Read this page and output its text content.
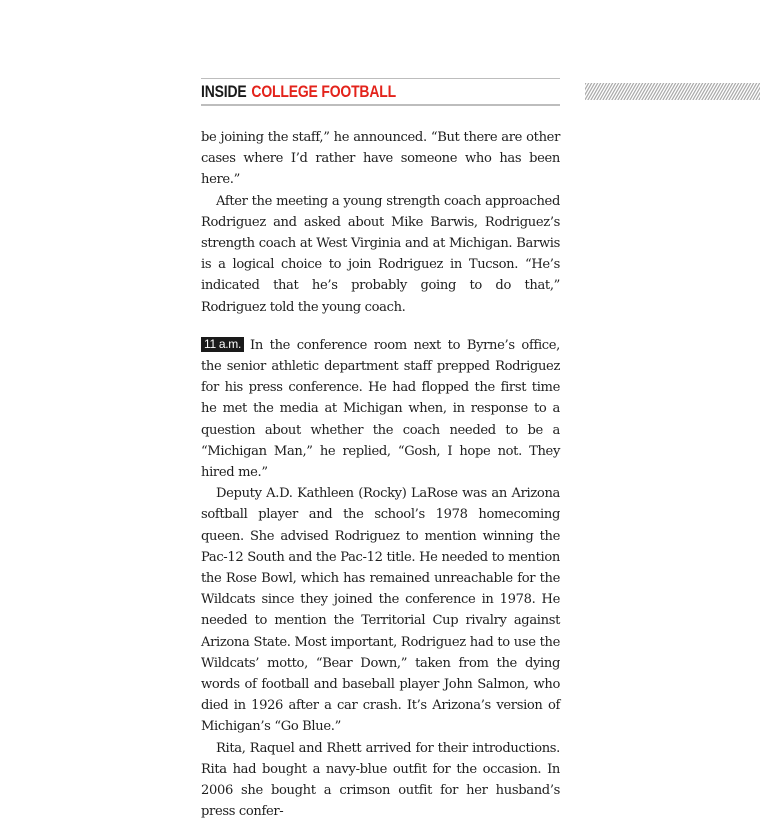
INSIDE COLLEGE FOOTBALL

be joining the staff,” he announced. “But there are other cases where I’d rather have someone who has been here.”

After the meeting a young strength coach approached Rodriguez and asked about Mike Barwis, Rodriguez’s strength coach at West Virginia and at Michigan. Barwis is a logical choice to join Rodriguez in Tucson. “He’s indicated that he’s probably going to do that,” Rodriguez told the young coach.

11 a.m. In the conference room next to Byrne’s office, the senior athletic department staff prepped Rodriguez for his press conference. He had flopped the first time he met the media at Michigan when, in response to a question about whether the coach needed to be a “Michigan Man,” he replied, “Gosh, I hope not. They hired me.”

Deputy A.D. Kathleen (Rocky) LaRose was an Arizona softball player and the school’s 1978 homecoming queen. She advised Rodriguez to mention winning the Pac-12 South and the Pac-12 title. He needed to mention the Rose Bowl, which has remained unreachable for the Wildcats since they joined the conference in 1978. He needed to mention the Territorial Cup rivalry against Arizona State. Most important, Rodriguez had to use the Wildcats’ motto, “Bear Down,” taken from the dying words of football and baseball player John Salmon, who died in 1926 after a car crash. It’s Arizona’s version of Michigan’s “Go Blue.”

Rita, Raquel and Rhett arrived for their introductions. Rita had bought a navy-blue outfit for the occasion. In 2006 she bought a crimson outfit for her husband’s press confer-
